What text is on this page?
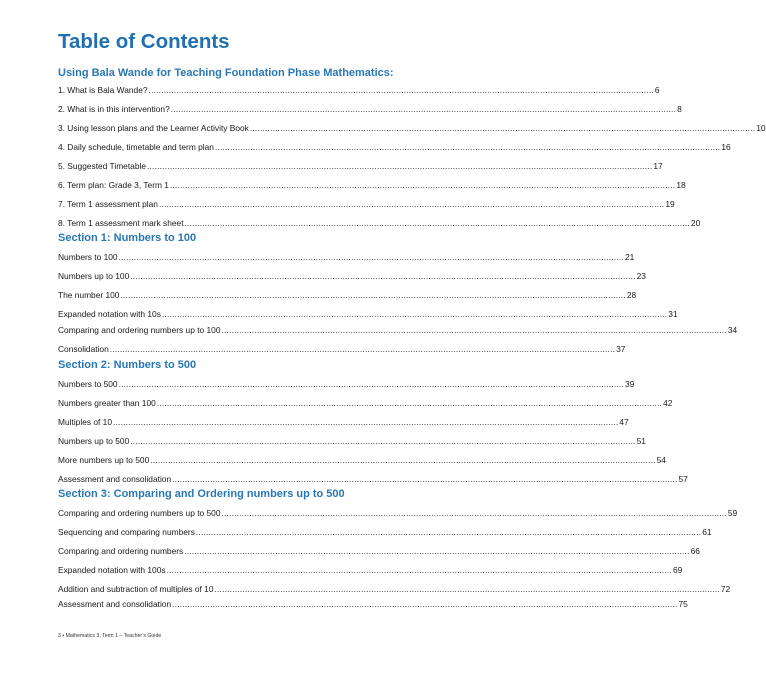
Table of Contents
Using Bala Wande for Teaching Foundation Phase Mathematics:
1. What is Bala Wande? ........................................................................................................................................................................................................ 6
2. What is in this intervention? ........................................................................................................................................................................................................ 8
3. Using lesson plans and the Learner Activity Book ........................................................................................................................................................................................................ 10
4. Daily schedule, timetable and term plan ........................................................................................................................................................................................................ 16
5. Suggested Timetable ........................................................................................................................................................................................................ 17
6. Term plan: Grade 3, Term 1 ........................................................................................................................................................................................................ 18
7. Term 1 assessment plan ........................................................................................................................................................................................................ 19
8. Term 1 assessment mark sheet ........................................................................................................................................................................................................ 20
Section 1: Numbers to 100
Numbers to 100 ........................................................................................................................................................................................................ 21
Numbers up to 100 ........................................................................................................................................................................................................ 23
The number 100 ........................................................................................................................................................................................................ 28
Expanded notation with 10s ........................................................................................................................................................................................................ 31
Comparing and ordering numbers up to 100 ........................................................................................................................................................................................................ 34
Consolidation ........................................................................................................................................................................................................ 37
Section 2: Numbers to 500
Numbers to 500 ........................................................................................................................................................................................................ 39
Numbers greater than 100 ........................................................................................................................................................................................................ 42
Multiples of 10 ........................................................................................................................................................................................................ 47
Numbers up to 500 ........................................................................................................................................................................................................ 51
More numbers up to 500 ........................................................................................................................................................................................................ 54
Assessment and consolidation ........................................................................................................................................................................................................ 57
Section 3: Comparing and Ordering numbers up to 500
Comparing and ordering numbers up to 500 ........................................................................................................................................................................................................ 59
Sequencing and comparing numbers ........................................................................................................................................................................................................ 61
Comparing and ordering numbers ........................................................................................................................................................................................................ 66
Expanded notation with 100s ........................................................................................................................................................................................................ 69
Addition and subtraction of multiples of 10 ........................................................................................................................................................................................................ 72
Assessment and consolidation ........................................................................................................................................................................................................ 75
3 • Mathematics 3, Term 1 – Teacher’s Guide
